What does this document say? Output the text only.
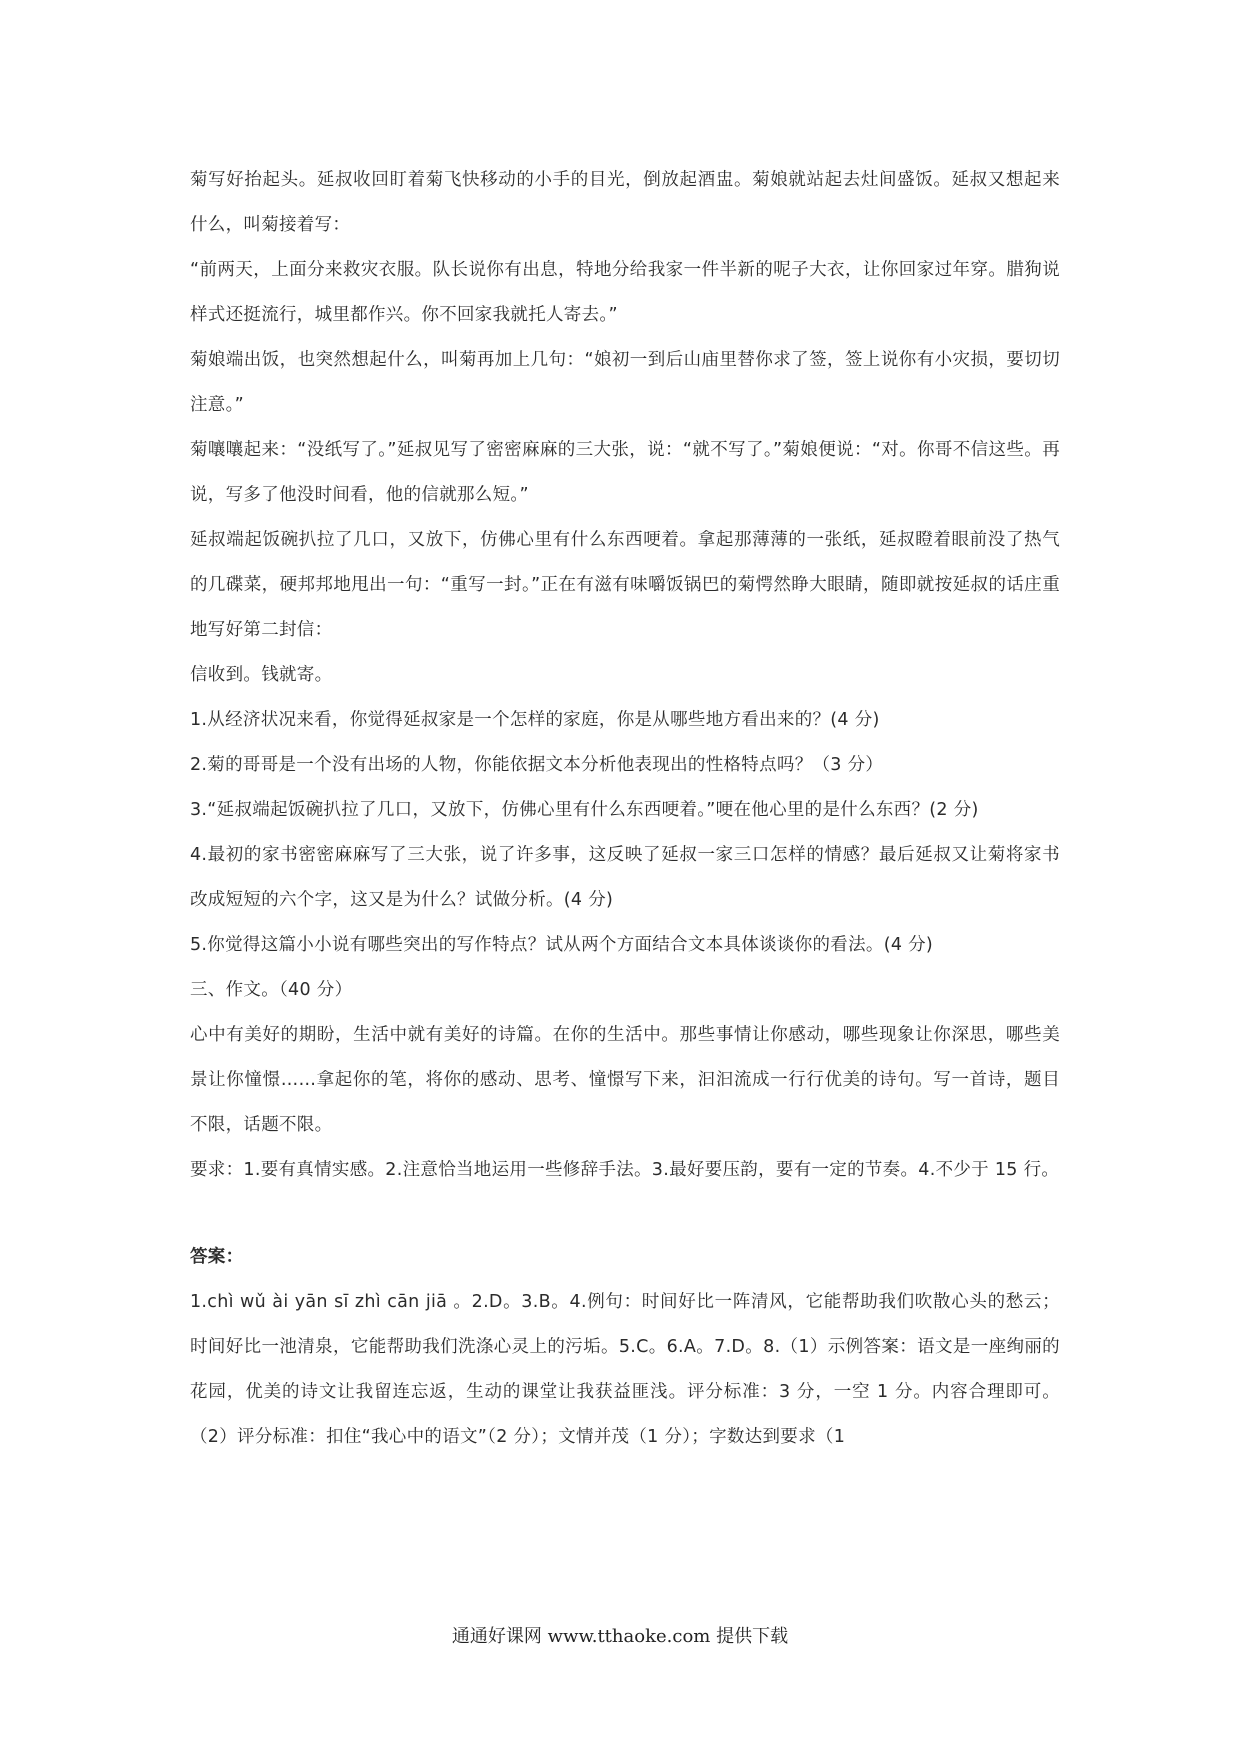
菊写好抬起头。延叔收回盯着菊飞快移动的小手的目光，倒放起酒盅。菊娘就站起去灶间盛饭。延叔又想起来什么，叫菊接着写：

“前两天，上面分来救灾衣服。队长说你有出息，特地分给我家一件半新的呢子大衣，让你回家过年穿。腊狗说样式还挺流行，城里都作兴。你不回家我就托人寄去。”

菊娘端出饭，也突然想起什么，叫菊再加上几句：“娘初一到后山庙里替你求了签，签上说你有小灾损，要切切注意。”

菊嚷嚷起来：“没纸写了。”延叔见写了密密麻麻的三大张，说：“就不写了。”菊娘便说：“对。你哥不信这些。再说，写多了他没时间看，他的信就那么短。”

延叔端起饭碗扒拉了几口，又放下，仿佛心里有什么东西哽着。拿起那薄薄的一张纸，延叔瞪着眼前没了热气的几碟菜，硬邦邦地甩出一句：“重写一封。”正在有滋有味嚼饭锅巴的菊愕然睁大眼睛，随即就按延叔的话庄重地写好第二封信：

信收到。钱就寄。

1.从经济状况来看，你觉得延叔家是一个怎样的家庭，你是从哪些地方看出来的？(4 分)

2.菊的哥哥是一个没有出场的人物，你能依据文本分析他表现出的性格特点吗？（3 分）

3.“延叔端起饭碗扒拉了几口，又放下，仿佛心里有什么东西哽着。”哽在他心里的是什么东西？(2 分)

4.最初的家书密密麻麻写了三大张，说了许多事，这反映了延叔一家三口怎样的情感？最后延叔又让菊将家书改成短短的六个字，这又是为什么？试做分析。(4 分)

5.你觉得这篇小小说有哪些突出的写作特点？试从两个方面结合文本具体谈谈你的看法。(4 分)

三、作文。（40 分）

心中有美好的期盼，生活中就有美好的诗篇。在你的生活中。那些事情让你感动，哪些现象让你深思，哪些美景让你憧憬……拿起你的笔，将你的感动、思考、憧憬写下来，汩汩流成一行行优美的诗句。写一首诗，题目不限，话题不限。

要求：1.要有真情实感。2.注意恰当地运用一些修辞手法。3.最好要压韵，要有一定的节奏。4.不少于 15 行。

答案：

1.chì wǔ ài yān sī zhì cān jiā 。2.D。3.B。4.例句：时间好比一阵清风，它能帮助我们吹散心头的愁云；时间好比一池清泉，它能帮助我们洗涤心灵上的污垢。5.C。6.A。7.D。8.（1）示例答案：语文是一座绚丽的花园，优美的诗文让我留连忘返，生动的课堂让我获益匪浅。评分标准：3 分，一空 1 分。内容合理即可。（2）评分标准：扣住“我心中的语文”（2 分）；文情并茂（1 分）；字数达到要求（1

通通好课网 www.tthaoke.com 提供下载
